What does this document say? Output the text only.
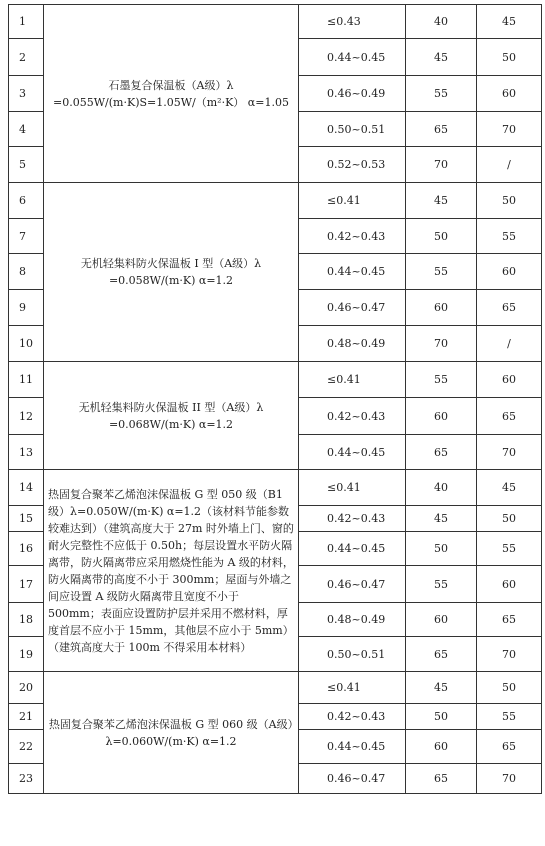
1	石墨复合保温板（A级）λ =0.055W/(m·K)S=1.05W/（m²·K） α=1.05	≤0.43	40	45
2		0.44~0.45	45	50
3		0.46~0.49	55	60
4		0.50~0.51	65	70
5		0.52~0.53	70	/
6	无机轻集料防火保温板 I 型（A级）λ =0.058W/(m·K) α=1.2	≤0.41	45	50
7		0.42~0.43	50	55
8		0.44~0.45	55	60
9		0.46~0.47	60	65
10		0.48~0.49	70	/
11	无机轻集料防火保温板 II 型（A级）λ =0.068W/(m·K) α=1.2	≤0.41	55	60
12		0.42~0.43	60	65
13		0.44~0.45	65	70
14	热固复合聚苯乙烯泡沫保温板 G 型 050 级（B1级）λ=0.050W/(m·K) α=1.2（该材料节能参数较难达到）（建筑高度大于 27m 时外墙上门、窗的耐火完整性不应低于 0.50h；每层设置水平防火隔离带，防火隔离带应采用燃烧性能为 A 级的材料，防火隔离带的高度不小于 300mm；屋面与外墙之间应设置 A 级防火隔离带且宽度不小于 500mm；表面应设置防护层并采用不燃材料，厚度首层不应小于 15mm，其他层不应小于 5mm）（建筑高度大于 100m 不得采用本材料）	≤0.41	40	45
15		0.42~0.43	45	50
16		0.44~0.45	50	55
17		0.46~0.47	55	60
18		0.48~0.49	60	65
19		0.50~0.51	65	70
20	热固复合聚苯乙烯泡沫保温板 G 型 060 级（A级）λ=0.060W/(m·K) α=1.2	≤0.41	45	50
21		0.42~0.43	50	55
22		0.44~0.45	60	65
23		0.46~0.47	65	70
